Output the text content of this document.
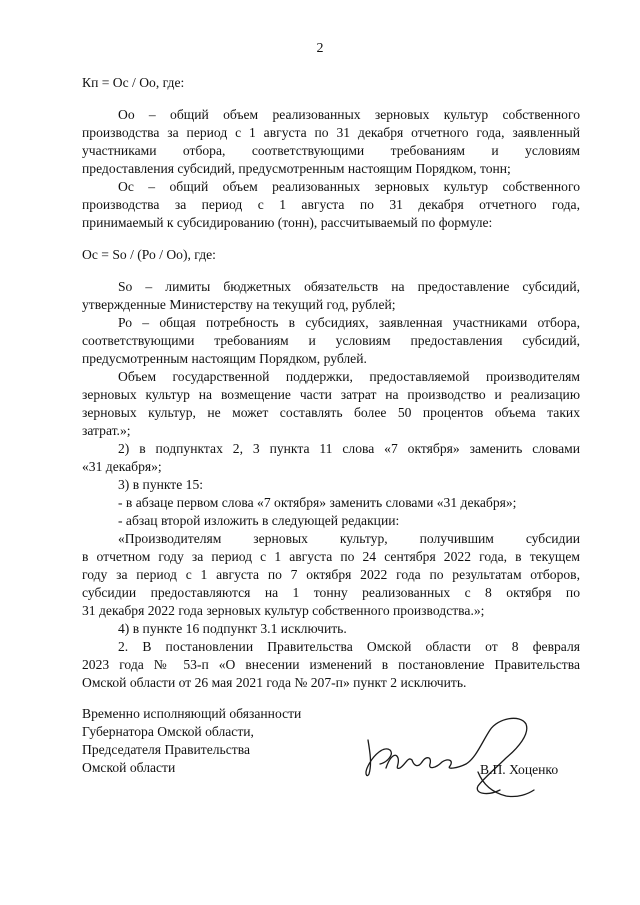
2
Кп = Ос / Оо, где:
Оо – общий объем реализованных зерновых культур собственного
производства за период с 1 августа по 31 декабря отчетного года, заявленный
участниками отбора, соответствующими требованиям и условиям
предоставления субсидий, предусмотренным настоящим Порядком, тонн;
Ос – общий объем реализованных зерновых культур собственного
производства за период с 1 августа по 31 декабря отчетного года,
принимаемый к субсидированию (тонн), рассчитываемый по формуле:
Ос = So / (Ро / Оо), где:
So – лимиты бюджетных обязательств на предоставление субсидий,
утвержденные Министерству на текущий год, рублей;
Ро – общая потребность в субсидиях, заявленная участниками отбора,
соответствующими требованиям и условиям предоставления субсидий,
предусмотренным настоящим Порядком, рублей.
Объем государственной поддержки, предоставляемой производителям
зерновых культур на возмещение части затрат на производство и реализацию
зерновых культур, не может составлять более 50 процентов объема таких
затрат.»;
2) в подпунктах 2, 3 пункта 11 слова «7 октября» заменить словами
«31 декабря»;
3) в пункте 15:
- в абзаце первом слова «7 октября» заменить словами «31 декабря»;
- абзац второй изложить в следующей редакции:
«Производителям зерновых культур, получившим субсидии
в отчетном году за период с 1 августа по 24 сентября 2022 года, в текущем
году за период с 1 августа по 7 октября 2022 года по результатам отборов,
субсидии предоставляются на 1 тонну реализованных с 8 октября по
31 декабря 2022 года зерновых культур собственного производства.»;
4) в пункте 16 подпункт 3.1 исключить.
2. В постановлении Правительства Омской области от 8 февраля
2023 года № 53-п «О внесении изменений в постановление Правительства
Омской области от 26 мая 2021 года № 207-п» пункт 2 исключить.
Временно исполняющий обязанности
Губернатора Омской области,
Председателя Правительства
Омской области	В.П. Хоценко
